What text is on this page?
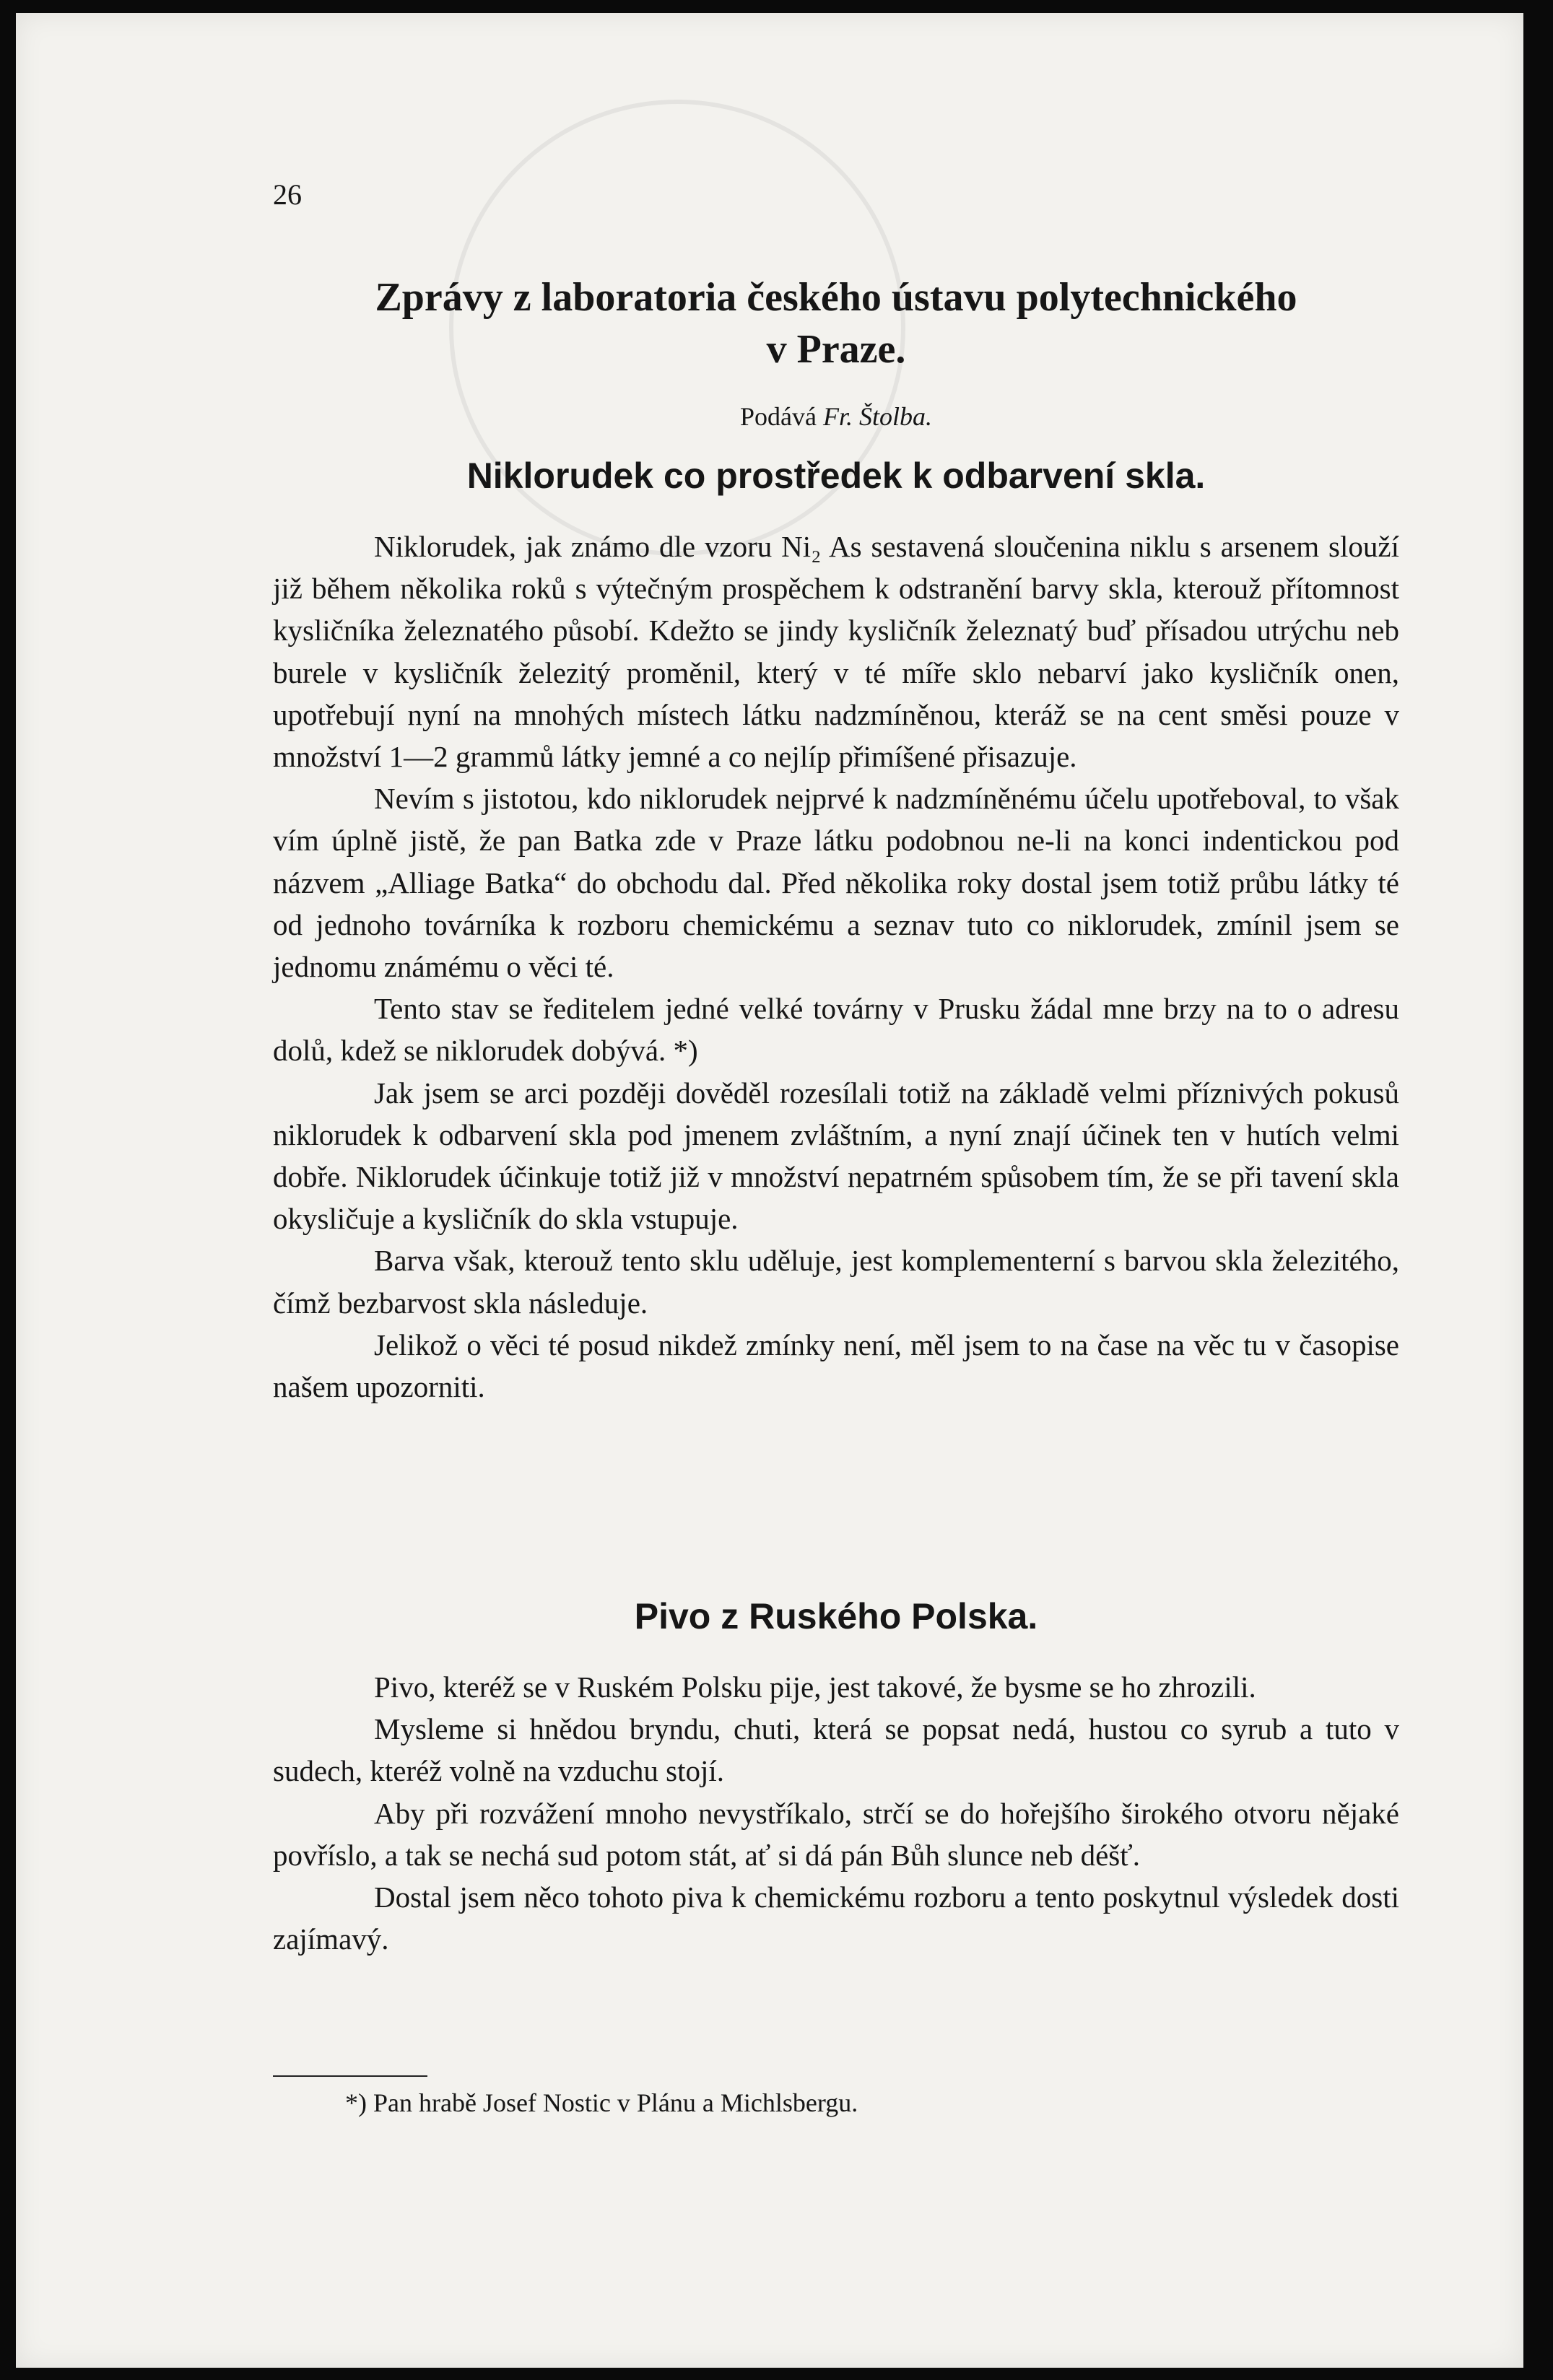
26
Zprávy z laboratoria českého ústavu polytechnického
v Praze.
Podává Fr. Štolba.
Niklorudek co prostředek k odbarvení skla.

Niklorudek, jak známo dle vzoru Ni₂ As sestavená sloučenina niklu s arsenem slouží již během několika roků s výtečným prospěchem k odstranění barvy skla, kterouž přítomnost kysličníka železnatého působí. Kdežto se jindy kysličník železnatý buď přísadou utrýchu neb burele v kysličník železitý proměnil, který v té míře sklo nebarví jako kysličník onen, upotřebují nyní na mnohých místech látku nadzmíněnou, kteráž se na cent směsi pouze v množství 1—2 grammů látky jemné a co nejlíp přimíšené přisazuje.

Nevím s jistotou, kdo niklorudek nejprvé k nadzmíněnému účelu upotřeboval, to však vím úplně jistě, že pan Batka zde v Praze látku podobnou ne-li na konci indentickou pod názvem „Alliage Batka“ do obchodu dal. Před několika roky dostal jsem totiž průbu látky té od jednoho továrníka k rozboru chemickému a seznav tuto co niklorudek, zmínil jsem se jednomu známému o věci té.

Tento stav se ředitelem jedné velké továrny v Prusku žádal mne brzy na to o adresu dolů, kdež se niklorudek dobývá. *)

Jak jsem se arci později dověděl rozesílali totiž na základě velmi příznivých pokusů niklorudek k odbarvení skla pod jmenem zvláštním, a nyní znají účinek ten v hutích velmi dobře. Niklorudek účinkuje totiž již v množství nepatrném spůsobem tím, že se při tavení skla okysličuje a kysličník do skla vstupuje.

Barva však, kterouž tento sklu uděluje, jest komplementerní s barvou skla železitého, čímž bezbarvost skla následuje.

Jelikož o věci té posud nikdež zmínky není, měl jsem to na čase na věc tu v časopise našem upozorniti.

Pivo z Ruského Polska.

Pivo, kteréž se v Ruském Polsku pije, jest takové, že bysme se ho zhrozili.

Mysleme si hnědou bryndu, chuti, která se popsat nedá, hustou co syrub a tuto v sudech, kteréž volně na vzduchu stojí.

Aby při rozvážení mnoho nevystříkalo, strčí se do hořejšího širokého otvoru nějaké povříslo, a tak se nechá sud potom stát, ať si dá pán Bůh slunce neb déšť.

Dostal jsem něco tohoto piva k chemickému rozboru a tento poskytnul výsledek dosti zajímavý.

*) Pan hrabě Josef Nostic v Plánu a Michlsbergu.
